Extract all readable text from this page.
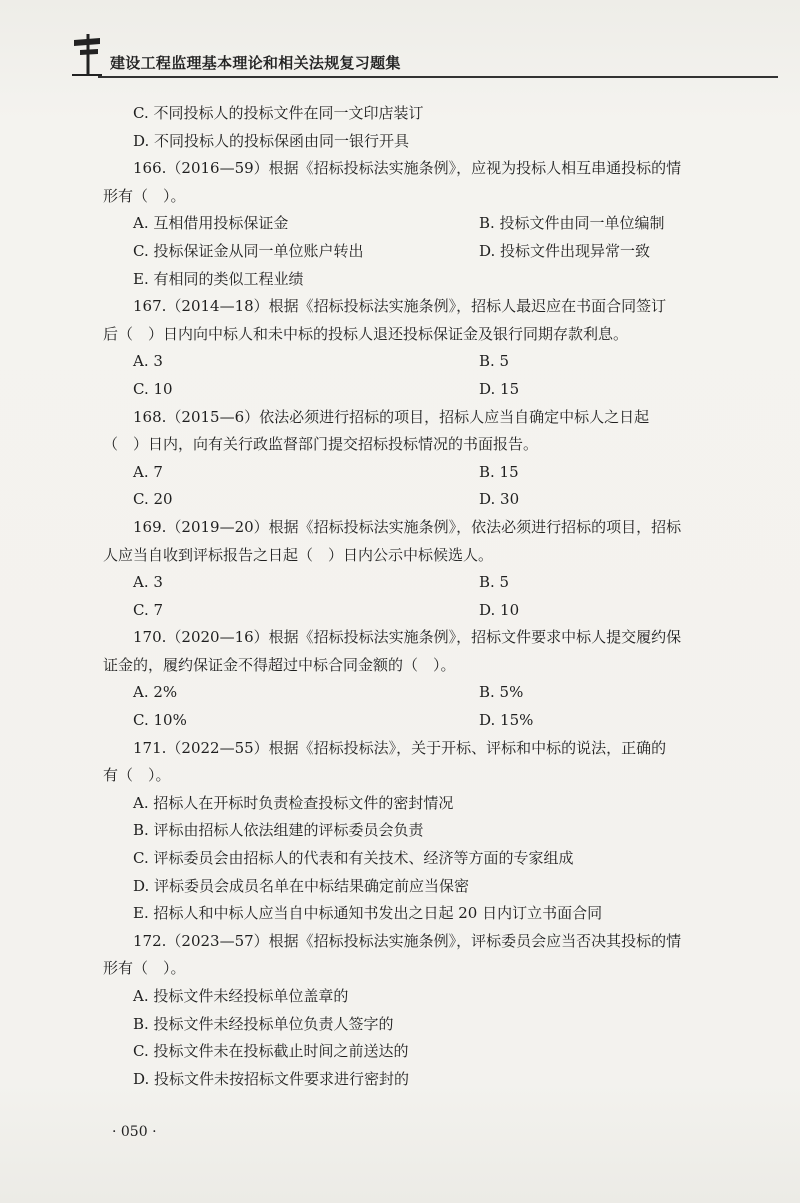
建设工程监理基本理论和相关法规复习题集
C. 不同投标人的投标文件在同一文印店装订
D. 不同投标人的投标保函由同一银行开具
166.（2016—59）根据《招标投标法实施条例》，应视为投标人相互串通投标的情
形有（　）。
A. 互相借用投标保证金	B. 投标文件由同一单位编制
C. 投标保证金从同一单位账户转出	D. 投标文件出现异常一致
E. 有相同的类似工程业绩
167.（2014—18）根据《招标投标法实施条例》，招标人最迟应在书面合同签订
后（　）日内向中标人和未中标的投标人退还投标保证金及银行同期存款利息。
A. 3	B. 5
C. 10	D. 15
168.（2015—6）依法必须进行招标的项目，招标人应当自确定中标人之日起
（　）日内，向有关行政监督部门提交招标投标情况的书面报告。
A. 7	B. 15
C. 20	D. 30
169.（2019—20）根据《招标投标法实施条例》，依法必须进行招标的项目，招标
人应当自收到评标报告之日起（　）日内公示中标候选人。
A. 3	B. 5
C. 7	D. 10
170.（2020—16）根据《招标投标法实施条例》，招标文件要求中标人提交履约保
证金的，履约保证金不得超过中标合同金额的（　）。
A. 2%	B. 5%
C. 10%	D. 15%
171.（2022—55）根据《招标投标法》，关于开标、评标和中标的说法，正确的
有（　）。
A. 招标人在开标时负责检查投标文件的密封情况
B. 评标由招标人依法组建的评标委员会负责
C. 评标委员会由招标人的代表和有关技术、经济等方面的专家组成
D. 评标委员会成员名单在中标结果确定前应当保密
E. 招标人和中标人应当自中标通知书发出之日起 20 日内订立书面合同
172.（2023—57）根据《招标投标法实施条例》，评标委员会应当否决其投标的情
形有（　）。
A. 投标文件未经投标单位盖章的
B. 投标文件未经投标单位负责人签字的
C. 投标文件未在投标截止时间之前送达的
D. 投标文件未按招标文件要求进行密封的
· 050 ·
